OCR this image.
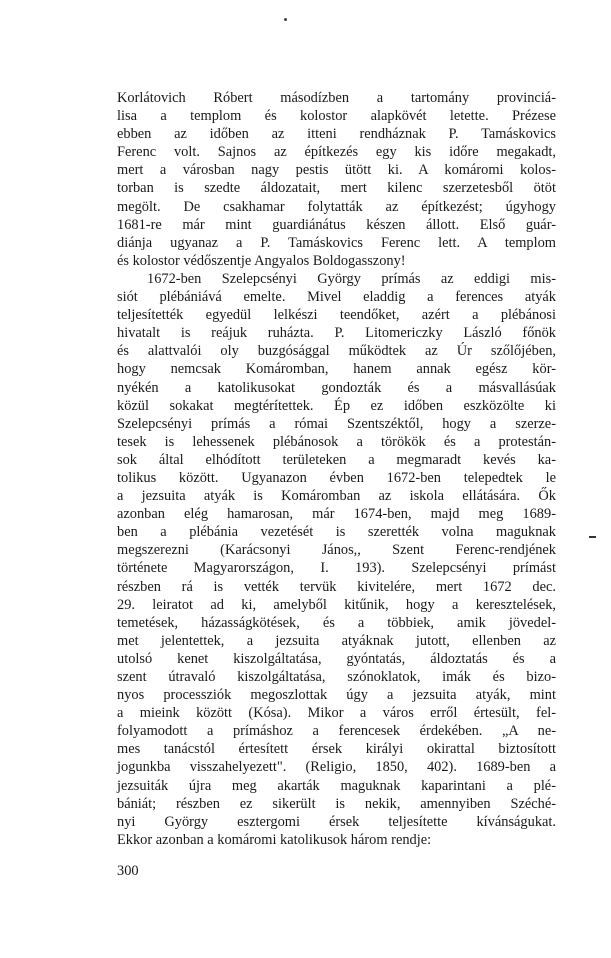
Korlátovich Róbert másodízben a tartomány provinciá-
lisa a templom és kolostor alapkövét letette. Prézese
ebben az időben az itteni rendháznak P. Tamáskovics
Ferenc volt. Sajnos az építkezés egy kis időre megakadt,
mert a városban nagy pestis ütött ki. A komáromi kolos-
torban is szedte áldozatait, mert kilenc szerzetesből ötöt
megölt. De csakhamar folytatták az építkezést; úgyhogy
1681-re már mint guardiánátus készen állott. Első guár-
diánja ugyanaz a P. Tamáskovics Ferenc lett. A templom
és kolostor védőszentje Angyalos Boldogasszony!
1672-ben Szelepcsényi György prímás az eddigi mis-
siót plébániává emelte. Mivel eladdig a ferences atyák
teljesítették egyedül lelkészi teendőket, azért a plébánosi
hivatalt is reájuk ruházta. P. Litomericzky László főnök
és alattvalói oly buzgósággal működtek az Úr szőlőjében,
hogy nemcsak Komáromban, hanem annak egész kör-
nyékén a katolikusokat gondozták és a másvallásúak
közül sokakat megtérítettek. Ép ez időben eszközölte ki
Szelepcsényi prímás a római Szentszéktől, hogy a szerze-
tesek is lehessenek plébánosok a törökök és a protestán-
sok által elhódított területeken a megmaradt kevés ka-
tolikus között. Ugyanazon évben 1672-ben telepedtek le
a jezsuita atyák is Komáromban az iskola ellátására. Ők
azonban elég hamarosan, már 1674-ben, majd meg 1689-
ben a plébánia vezetését is szerették volna maguknak
megszerezni (Karácsonyi János,, Szent Ferenc-rendjének
története Magyarországon, I. 193). Szelepcsényi prímást
részben rá is vették tervük kivitelére, mert 1672 dec.
29. leiratot ad ki, amelyből kitűnik, hogy a keresztelések,
temetések, házasságkötések, és a többiek, amik jövedel-
met jelentettek, a jezsuita atyáknak jutott, ellenben az
utolsó kenet kiszolgáltatása, gyóntatás, áldoztatás és a
szent útravaló kiszolgáltatása, szónoklatok, imák és bizo-
nyos processziók megoszlottak úgy a jezsuita atyák, mint
a mieink között (Kósa). Mikor a város erről értesült, fel-
folyamodott a prímáshoz a ferencesek érdekében. „A ne-
mes tanácstól értesített érsek királyi okirattal biztosított
jogunkba visszahelyezett". (Religio, 1850, 402). 1689-ben a
jezsuiták újra meg akarták maguknak kaparintani a plé-
bániát; részben ez sikerült is nekik, amennyiben Széché-
nyi György esztergomi érsek teljesítette kívánságukat.
Ekkor azonban a komáromi katolikusok három rendje:
300
